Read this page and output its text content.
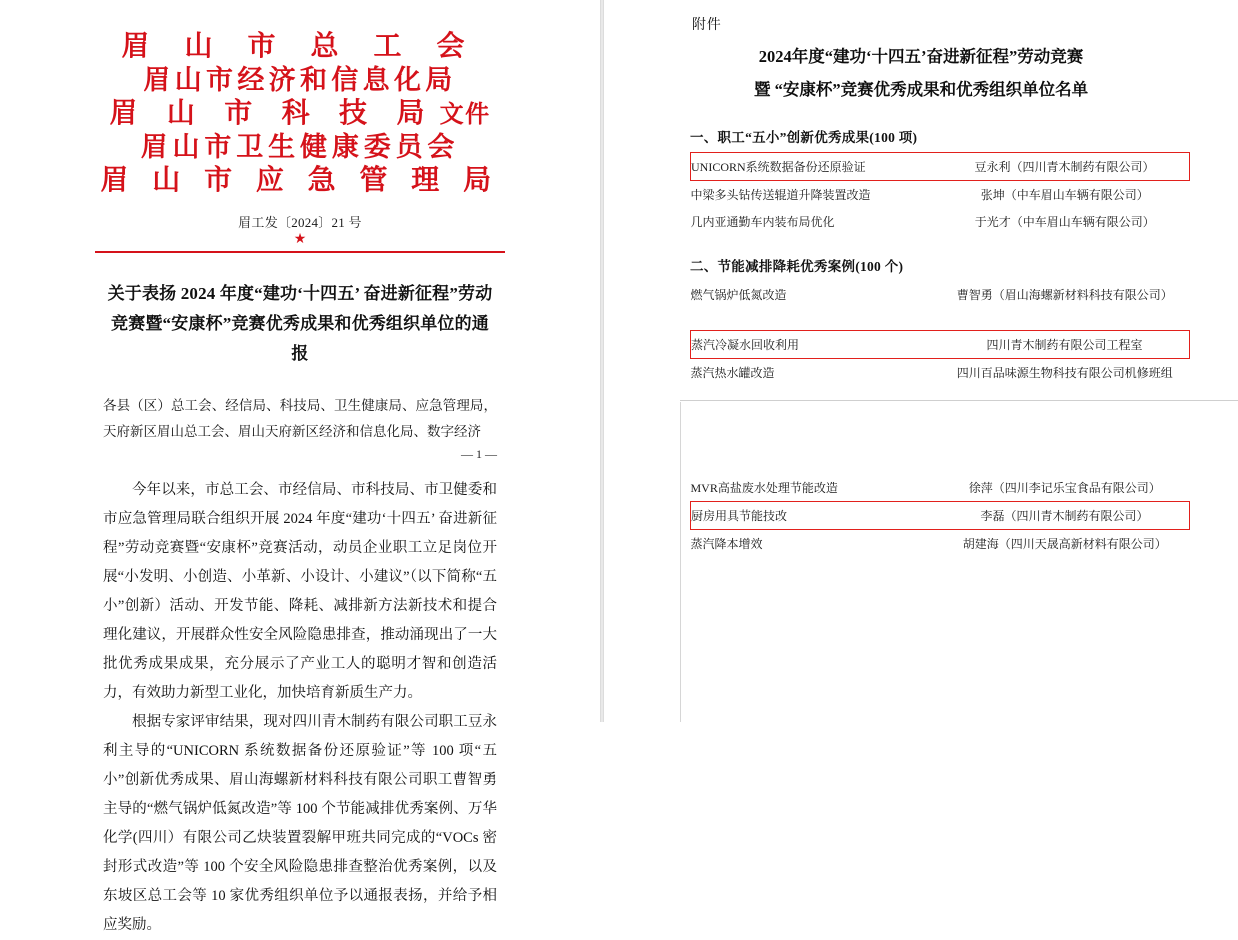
眉 山 市 总 工 会
眉山市经济和信息化局
眉 山 市 科 技 局 文件
眉山市卫生健康委员会
眉 山 市 应 急 管 理 局
眉工发〔2024〕21 号
★
关于表扬 2024 年度“建功‘十四五’ 奋进新征程”劳动竞赛暨“安康杯”竞赛优秀成果和优秀组织单位的通报
各县（区）总工会、经信局、科技局、卫生健康局、应急管理局，天府新区眉山总工会、眉山天府新区经济和信息化局、数字经济
— 1 —

今年以来，市总工会、市经信局、市科技局、市卫健委和市应急管理局联合组织开展 2024 年度“建功‘十四五’ 奋进新征程”劳动竞赛暨“安康杯”竞赛活动，动员企业职工立足岗位开展“小发明、小创造、小革新、小设计、小建议”（以下简称“五小”创新）活动、开发节能、降耗、减排新方法新技术和提合理化建议，开展群众性安全风险隐患排查，推动涌现出了一大批优秀成果成果，充分展示了产业工人的聪明才智和创造活力，有效助力新型工业化，加快培育新质生产力。

根据专家评审结果，现对四川青木制药有限公司职工豆永利主导的“UNICORN 系统数据备份还原验证”等 100 项“五小”创新优秀成果、眉山海螺新材料科技有限公司职工曹智勇主导的“燃气锅炉低氮改造”等 100 个节能减排优秀案例、万华化学(四川）有限公司乙炔装置裂解甲班共同完成的“VOCs 密封形式改造”等 100 个安全风险隐患排查整治优秀案例，以及东坡区总工会等 10 家优秀组织单位予以通报表扬，并给予相应奖励。

附件
2024年度“建功‘十四五’奋进新征程”劳动竞赛
暨 “安康杯”竞赛优秀成果和优秀组织单位名单
一、职工“五小”创新优秀成果(100 项)
UNICORN系统数据备份还原验证	豆永利（四川青木制药有限公司）
中梁多头钻传送辊道升降装置改造	张坤（中车眉山车辆有限公司）
几内亚通勤车内装布局优化	于光才（中车眉山车辆有限公司）
二、节能减排降耗优秀案例(100 个)
燃气锅炉低氮改造	曹智勇（眉山海螺新材料科技有限公司）

蒸汽冷凝水回收利用	四川青木制药有限公司工程室
蒸汽热水罐改造	四川百品味源生物科技有限公司机修班组

MVR高盐废水处理节能改造	徐萍（四川李记乐宝食品有限公司）
厨房用具节能技改	李磊（四川青木制药有限公司）
蒸汽降本增效	胡建海（四川天晟高新材料有限公司）
